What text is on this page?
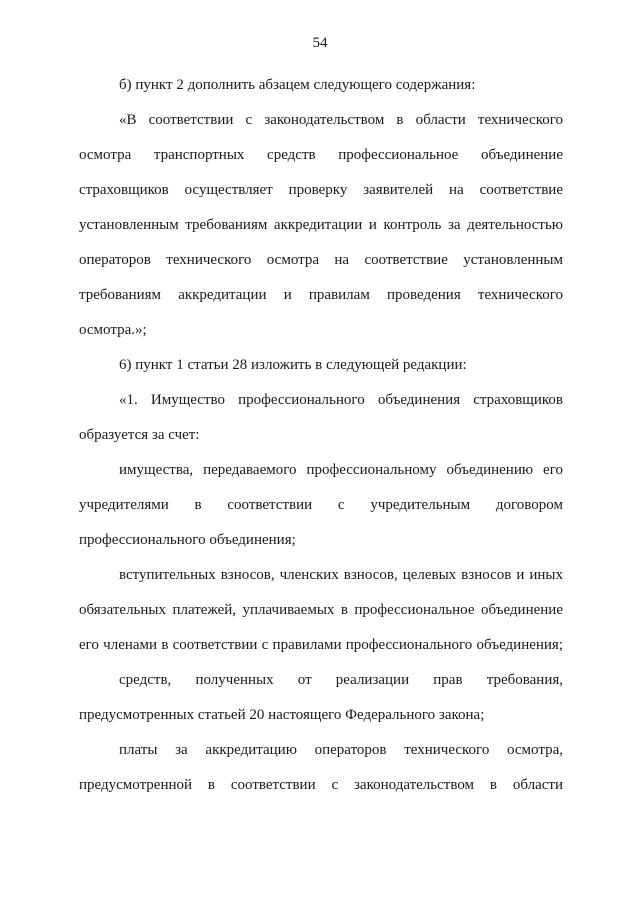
54
б) пункт 2 дополнить абзацем следующего содержания:
«В соответствии с законодательством в области технического
осмотра транспортных средств профессиональное объединение
страховщиков осуществляет проверку заявителей на соответствие
установленным требованиям аккредитации и контроль за деятельностью
операторов технического осмотра на соответствие установленным
требованиям аккредитации и правилам проведения технического
осмотра.»;
6) пункт 1 статьи 28 изложить в следующей редакции:
«1. Имущество профессионального объединения страховщиков
образуется за счет:
имущества, передаваемого профессиональному объединению его
учредителями в соответствии с учредительным договором
профессионального объединения;
вступительных взносов, членских взносов, целевых взносов и иных
обязательных платежей, уплачиваемых в профессиональное объединение
его членами в соответствии с правилами профессионального объединения;
средств, полученных от реализации прав требования,
предусмотренных статьей 20 настоящего Федерального закона;
платы за аккредитацию операторов технического осмотра,
предусмотренной в соответствии с законодательством в области
